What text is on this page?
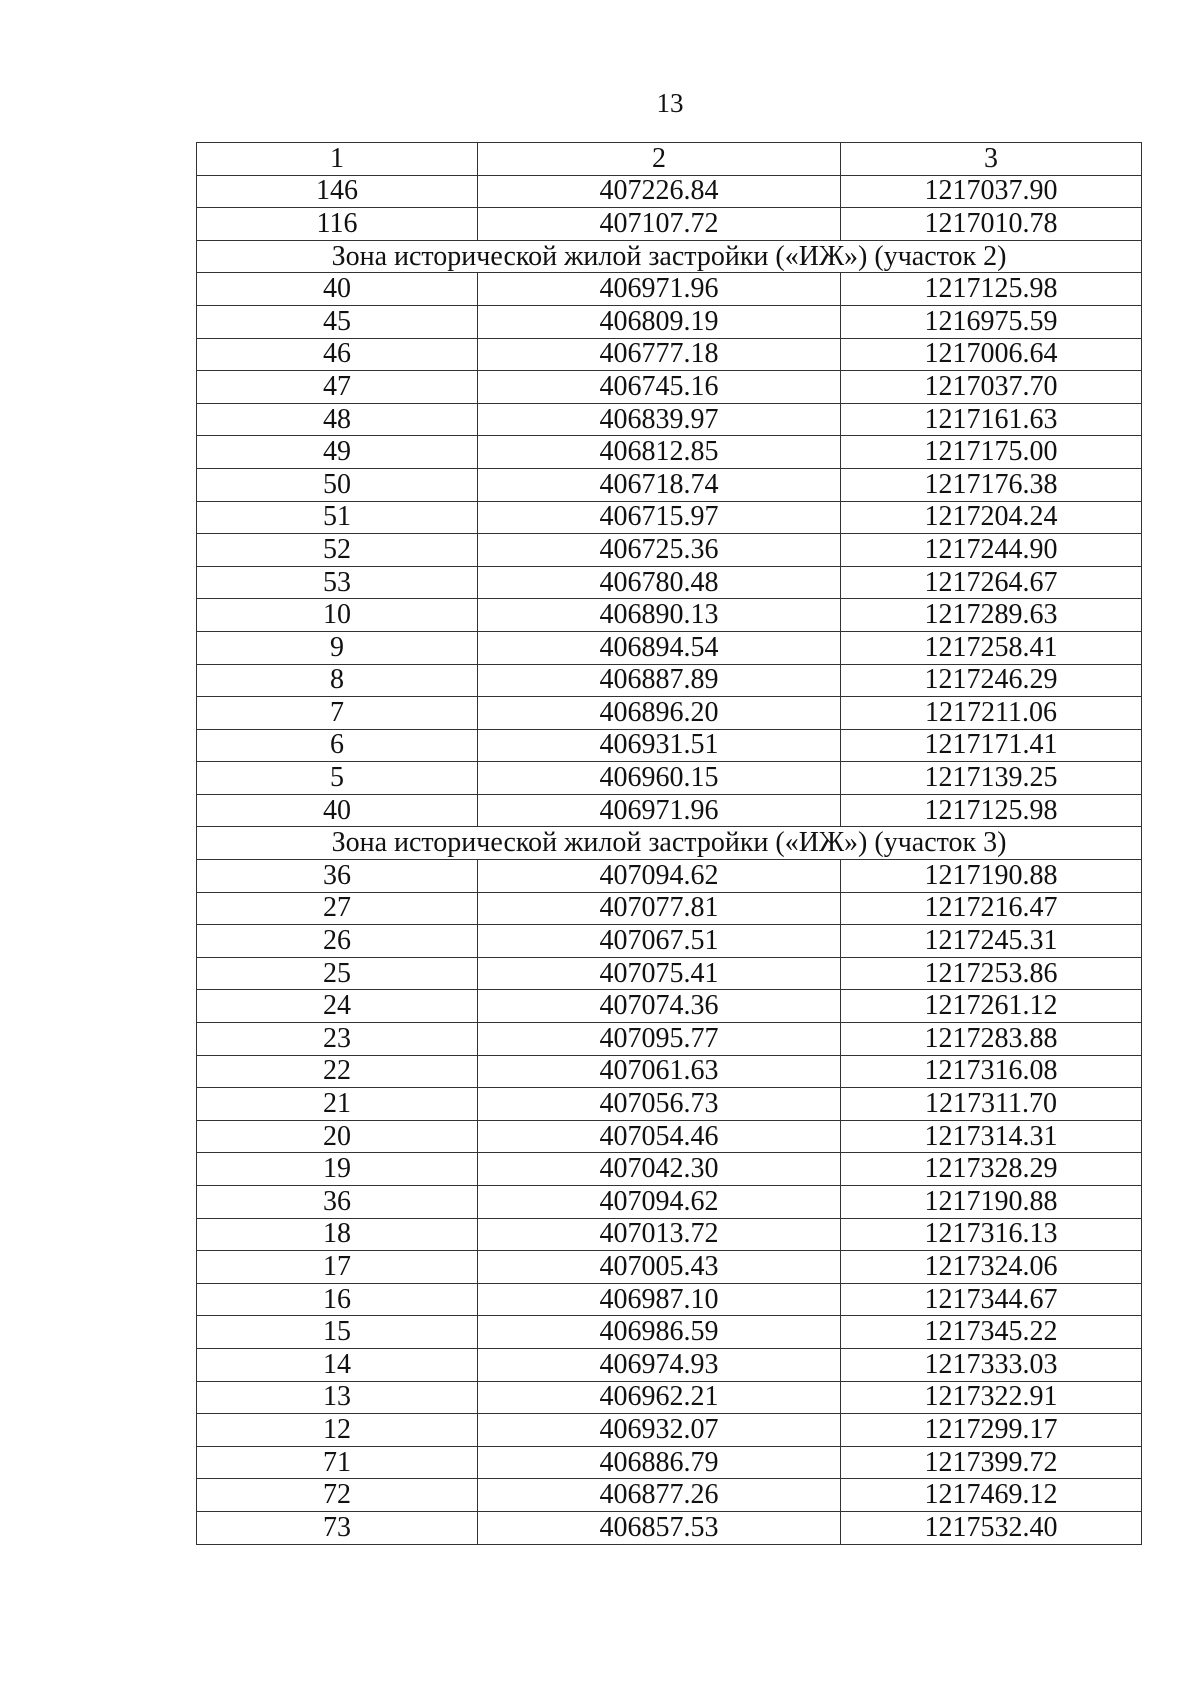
13
1	2	3
146	407226.84	1217037.90
116	407107.72	1217010.78
Зона исторической жилой застройки («ИЖ») (участок 2)		
40	406971.96	1217125.98
45	406809.19	1216975.59
46	406777.18	1217006.64
47	406745.16	1217037.70
48	406839.97	1217161.63
49	406812.85	1217175.00
50	406718.74	1217176.38
51	406715.97	1217204.24
52	406725.36	1217244.90
53	406780.48	1217264.67
10	406890.13	1217289.63
9	406894.54	1217258.41
8	406887.89	1217246.29
7	406896.20	1217211.06
6	406931.51	1217171.41
5	406960.15	1217139.25
40	406971.96	1217125.98
Зона исторической жилой застройки («ИЖ») (участок 3)		
36	407094.62	1217190.88
27	407077.81	1217216.47
26	407067.51	1217245.31
25	407075.41	1217253.86
24	407074.36	1217261.12
23	407095.77	1217283.88
22	407061.63	1217316.08
21	407056.73	1217311.70
20	407054.46	1217314.31
19	407042.30	1217328.29
36	407094.62	1217190.88
18	407013.72	1217316.13
17	407005.43	1217324.06
16	406987.10	1217344.67
15	406986.59	1217345.22
14	406974.93	1217333.03
13	406962.21	1217322.91
12	406932.07	1217299.17
71	406886.79	1217399.72
72	406877.26	1217469.12
73	406857.53	1217532.40
